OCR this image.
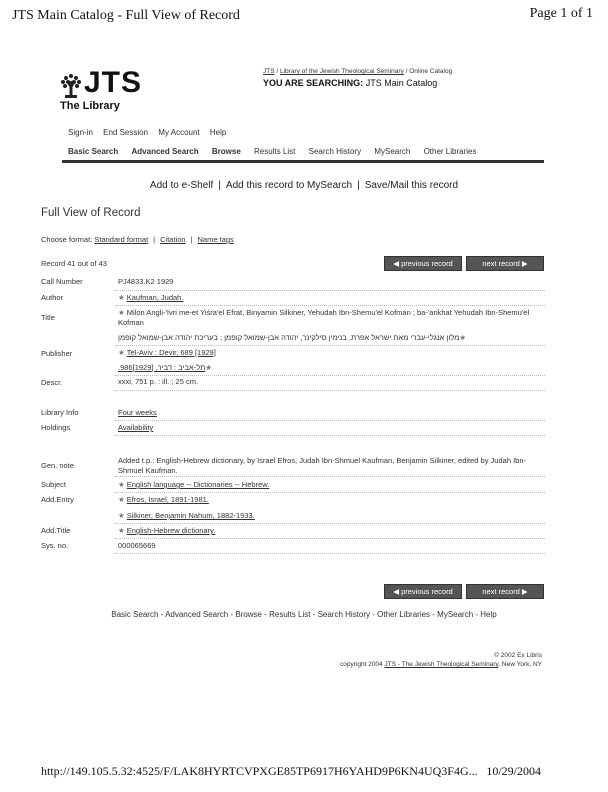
JTS Main Catalog - Full View of Record	Page 1 of 1
JTS
The Library
JTS / Library of the Jewish Theological Seminary / Online Catalog
YOU ARE SEARCHING: JTS Main Catalog
Sign-in End Session My Account Help
Basic Search Advanced Search Browse Results List Search History MySearch Other Libraries
Add to e-Shelf | Add this record to MySearch | Save/Mail this record
Full View of Record
Choose format: Standard format | Citation | Name tags
Record 41 out of 43	◀ previous record	next record ▶
Call Number	PJ4833.K2 1929
Author	★ Kaufman, Judah.
Title
★ Milon Angli-'Ivri me-et Yiśra'el Efrat, Binyamin Silkiner, Yehudah Ibn-Shemu'el Kofman ; ba-'arikhat Yehudah Ibn-Shemu'el Kofman
★מלון אנגלי-עברי מאת ישראל אפרת, בנימין סילקינר, יהודה אבן-שמואל קופמן ; בעריכת יהודה אבן-שמואל קופמן
Publisher	★ Tel-Aviv : Devir, 689 [1929]
★תל-אביב : דביר, [1929]986.
Descr.	xxxi, 751 p. : ill. ; 25 cm.
Library Info	Four weeks
Holdings	Availability
Gen. note
Added t.p.: English-Hebrew dictionary, by Israel Efros, Judah Ibn-Shmuel Kaufman, Benjamin Silkiner, edited by Judah Ibn-Shmuel Kaufman.
Subject	★ English language -- Dictionaries -- Hebrew.
Add.Entry	★ Efros, Israel, 1891-1981.
★ Silkiner, Benjamin Nahum, 1882-1933.
Add.Title	★ English-Hebrew dictionary.
Sys. no.	000065669
◀ previous record	next record ▶
Basic Search - Advanced Search - Browse - Results List - Search History - Other Libraries - MySearch - Help
© 2002 Ex Libris
copyright 2004 JTS - The Jewish Theological Seminary, New York, NY
http://149.105.5.32:4525/F/LAK8HYRTCVPXGE85TP6917H6YAHD9P6KN4UQ3F4G... 10/29/2004
